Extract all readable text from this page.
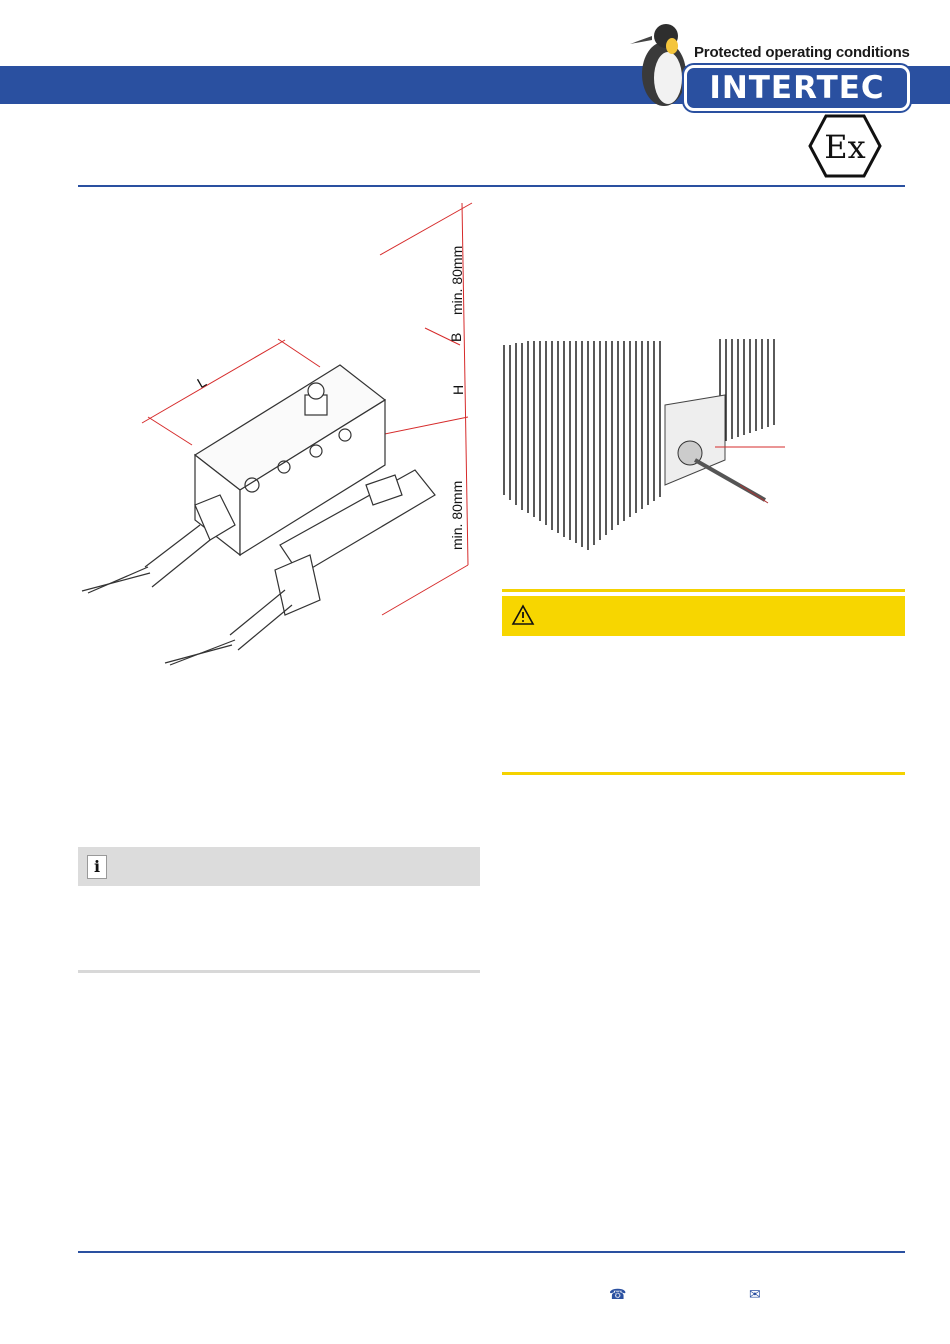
Protected operating conditions
INTERTEC
Ex
L
B
H
min. 80mm
min. 80mm
i
☎	✉
